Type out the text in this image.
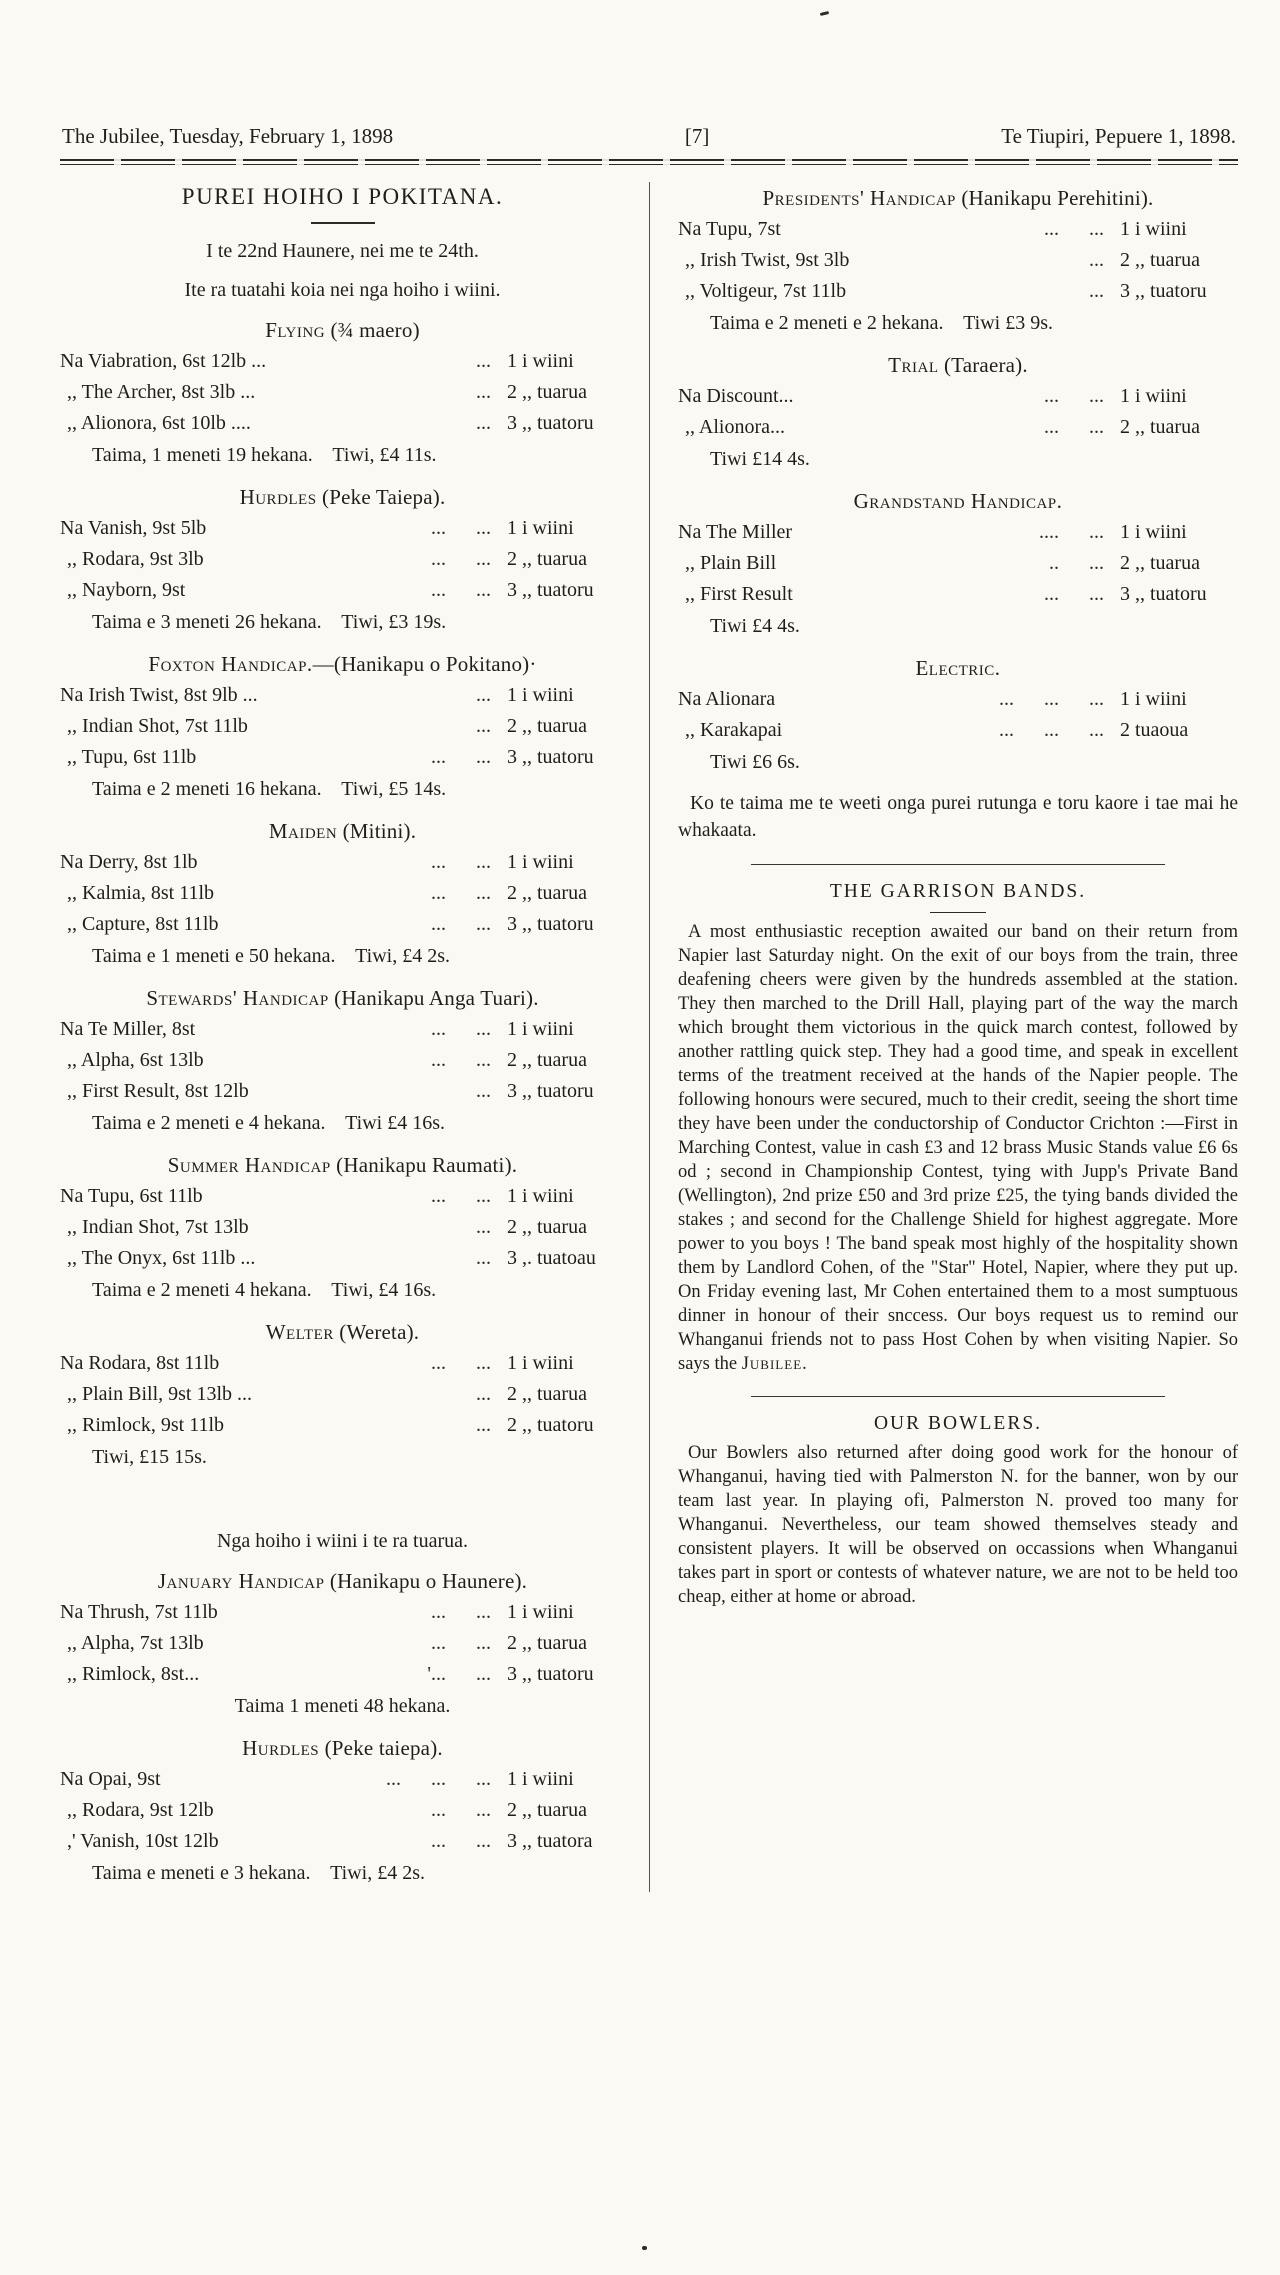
The Jubilee, Tuesday, February 1, 1898	[7]	Te Tiupiri, Pepuere 1, 1898.
PUREI HOIHO I POKITANA.

I te 22nd Haunere, nei me te 24th.

Ite ra tuatahi koia nei nga hoiho i wiini.

Flying (¾ maero)
Na Viabration, 6st 12lb ...	... 1 i wiini
,, The Archer, 8st 3lb ...	... 2 ,, tuarua
,, Alionora, 6st 10lb ....	... 3 ,, tuatoru

Taima, 1 meneti 19 hekana.    Tiwi, £4 11s.

Hurdles (Peke Taiepa).
Na Vanish, 9st 5lb	...      ... 1 i wiini
,, Rodara, 9st 3lb	...      ... 2 ,, tuarua
,, Nayborn, 9st	...      ... 3 ,, tuatoru

Taima e 3 meneti 26 hekana.    Tiwi, £3 19s.

Foxton Handicap.—(Hanikapu o Pokitano)·
Na Irish Twist, 8st 9lb ...	... 1 i wiini
,, Indian Shot, 7st 11lb	... 2 ,, tuarua
,, Tupu, 6st 11lb	...      ... 3 ,, tuatoru

Taima e 2 meneti 16 hekana.    Tiwi, £5 14s.

Maiden (Mitini).
Na Derry, 8st 1lb	...      ... 1 i wiini
,, Kalmia, 8st 11lb	...      ... 2 ,, tuarua
,, Capture, 8st 11lb	...      ... 3 ,, tuatoru

Taima e 1 meneti e 50 hekana.    Tiwi, £4 2s.

Stewards' Handicap (Hanikapu Anga Tuari).
Na Te Miller, 8st	...      ... 1 i wiini
,, Alpha, 6st 13lb	...      ... 2 ,, tuarua
,, First Result, 8st 12lb	... 3 ,, tuatoru

Taima e 2 meneti e 4 hekana.    Tiwi £4 16s.

Summer Handicap (Hanikapu Raumati).
Na Tupu, 6st 11lb	...      ... 1 i wiini
,, Indian Shot, 7st 13lb	... 2 ,, tuarua
,, The Onyx, 6st 11lb ...	... 3 ,. tuatoau

Taima e 2 meneti 4 hekana.    Tiwi, £4 16s.

Welter (Wereta).
Na Rodara, 8st 11lb	...      ... 1 i wiini
,, Plain Bill, 9st 13lb ...	... 2 ,, tuarua
,, Rimlock, 9st 11lb	... 2 ,, tuatoru

Tiwi, £15 15s.

Nga hoiho i wiini i te ra tuarua.

January Handicap (Hanikapu o Haunere).
Na Thrush, 7st 11lb	...      ... 1 i wiini
,, Alpha, 7st 13lb	...      ... 2 ,, tuarua
,, Rimlock, 8st...	'...      ... 3 ,, tuatoru

Taima 1 meneti 48 hekana.

Hurdles (Peke taiepa).
Na Opai, 9st	...      ...      ... 1 i wiini
,, Rodara, 9st 12lb	...      ... 2 ,, tuarua
,' Vanish, 10st 12lb	...      ... 3 ,, tuatora

Taima e meneti e 3 hekana.    Tiwi, £4 2s.

Presidents' Handicap (Hanikapu Perehitini).
Na Tupu, 7st	...      ... 1 i wiini
,, Irish Twist, 9st 3lb	... 2 ,, tuarua
,, Voltigeur, 7st 11lb	... 3 ,, tuatoru

Taima e 2 meneti e 2 hekana.    Tiwi £3 9s.

Trial (Taraera).
Na Discount...	...      ... 1 i wiini
,, Alionora...	...      ... 2 ,, tuarua

Tiwi £14 4s.

Grandstand Handicap.
Na The Miller	....      ... 1 i wiini
,, Plain Bill	..      ... 2 ,, tuarua
,, First Result	...      ... 3 ,, tuatoru

Tiwi £4 4s.

Electric.
Na Alionara	...      ...      ... 1 i wiini
,, Karakapai	...      ...      ... 2 tuaoua

Tiwi £6 6s.

Ko te taima me te weeti onga purei rutunga e toru kaore i tae mai he whakaata.

THE GARRISON BANDS.

A most enthusiastic reception awaited our band on their return from Napier last Saturday night. On the exit of our boys from the train, three deafening cheers were given by the hundreds assembled at the station. They then marched to the Drill Hall, playing part of the way the march which brought them victorious in the quick march contest, followed by another rattling quick step. They had a good time, and speak in excellent terms of the treatment received at the hands of the Napier people. The following honours were secured, much to their credit, seeing the short time they have been under the conductorship of Conductor Crichton :—First in Marching Contest, value in cash £3 and 12 brass Music Stands value £6 6s od ; second in Championship Contest, tying with Jupp's Private Band (Wellington), 2nd prize £50 and 3rd prize £25, the tying bands divided the stakes ; and second for the Challenge Shield for highest aggregate. More power to you boys ! The band speak most highly of the hospitality shown them by Landlord Cohen, of the "Star" Hotel, Napier, where they put up. On Friday evening last, Mr Cohen entertained them to a most sumptuous dinner in honour of their snccess. Our boys request us to remind our Whanganui friends not to pass Host Cohen by when visiting Napier. So says the Jubilee.

OUR BOWLERS.

Our Bowlers also returned after doing good work for the honour of Whanganui, having tied with Palmerston N. for the banner, won by our team last year. In playing ofi, Palmerston N. proved too many for Whanganui. Nevertheless, our team showed themselves steady and consistent players. It will be observed on occassions when Whanganui takes part in sport or contests of whatever nature, we are not to be held too cheap, either at home or abroad.
